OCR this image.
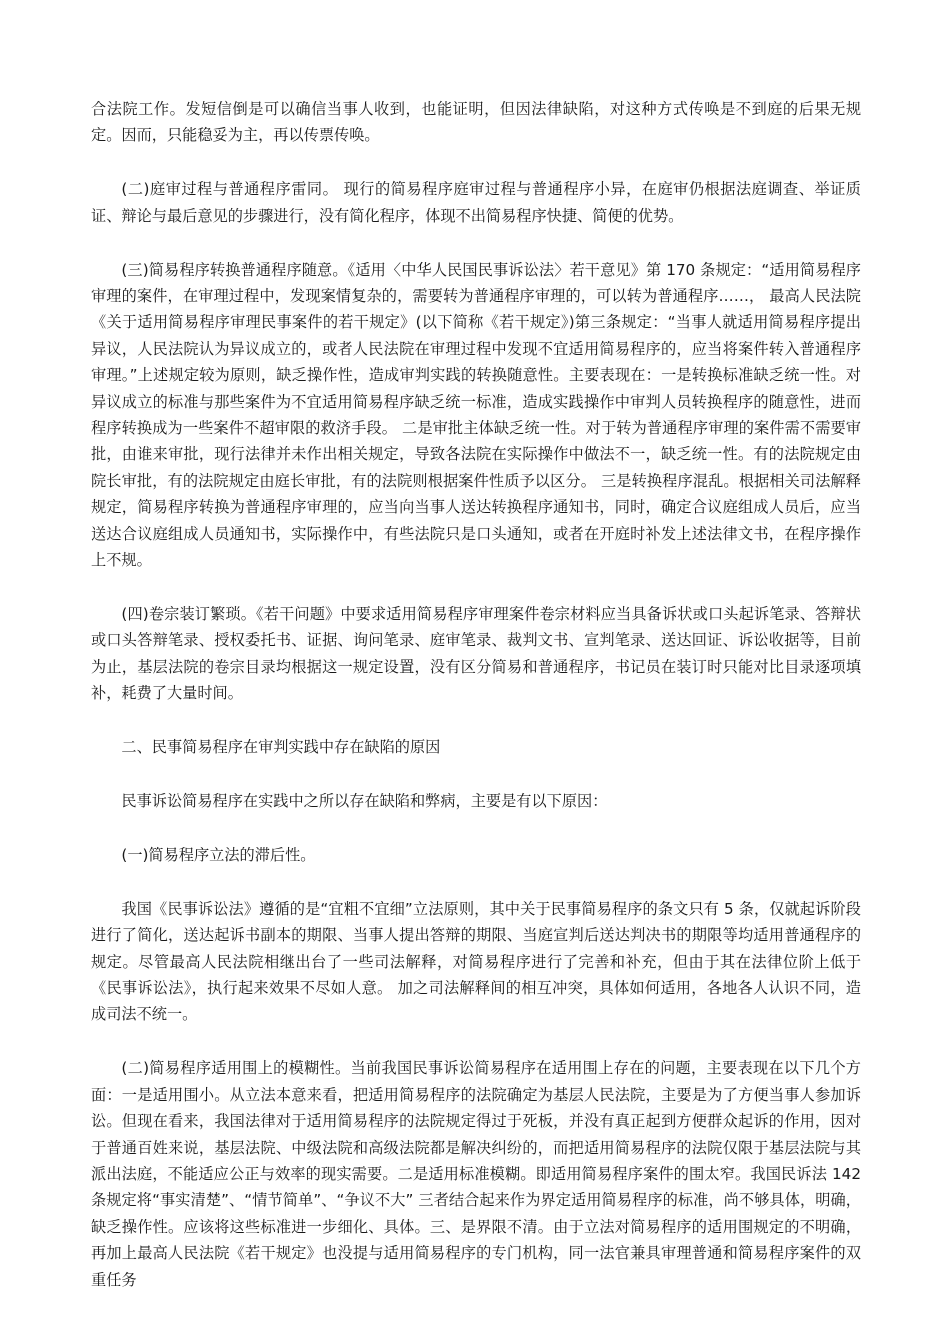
合法院工作。发短信倒是可以确信当事人收到，也能证明，但因法律缺陷，对这种方式传唤是不到庭的后果无规定。因而，只能稳妥为主，再以传票传唤。

(二)庭审过程与普通程序雷同。 现行的简易程序庭审过程与普通程序小异，在庭审仍根据法庭调查、举证质证、辩论与最后意见的步骤进行，没有简化程序，体现不出简易程序快捷、简便的优势。

(三)简易程序转换普通程序随意。《适用〈中华人民国民事诉讼法〉若干意见》第 170 条规定：“适用简易程序审理的案件，在审理过程中，发现案情复杂的，需要转为普通程序审理的，可以转为普通程序……， 最高人民法院《关于适用简易程序审理民事案件的若干规定》(以下简称《若干规定》)第三条规定：“当事人就适用简易程序提出异议，人民法院认为异议成立的，或者人民法院在审理过程中发现不宜适用简易程序的，应当将案件转入普通程序审理。”上述规定较为原则，缺乏操作性，造成审判实践的转换随意性。主要表现在：一是转换标准缺乏统一性。对异议成立的标准与那些案件为不宜适用简易程序缺乏统一标准，造成实践操作中审判人员转换程序的随意性，进而程序转换成为一些案件不超审限的救济手段。 二是审批主体缺乏统一性。对于转为普通程序审理的案件需不需要审批，由谁来审批，现行法律并未作出相关规定，导致各法院在实际操作中做法不一，缺乏统一性。有的法院规定由院长审批，有的法院规定由庭长审批，有的法院则根据案件性质予以区分。 三是转换程序混乱。根据相关司法解释规定，简易程序转换为普通程序审理的，应当向当事人送达转换程序通知书，同时，确定合议庭组成人员后，应当送达合议庭组成人员通知书，实际操作中，有些法院只是口头通知，或者在开庭时补发上述法律文书，在程序操作上不规。

(四)卷宗装订繁琐。《若干问题》中要求适用简易程序审理案件卷宗材料应当具备诉状或口头起诉笔录、答辩状或口头答辩笔录、授权委托书、证据、询问笔录、庭审笔录、裁判文书、宣判笔录、送达回证、诉讼收据等，目前为止，基层法院的卷宗目录均根据这一规定设置，没有区分简易和普通程序，书记员在装订时只能对比目录逐项填补，耗费了大量时间。

二、民事简易程序在审判实践中存在缺陷的原因

民事诉讼简易程序在实践中之所以存在缺陷和弊病，主要是有以下原因：

(一)简易程序立法的滞后性。

我国《民事诉讼法》遵循的是“宜粗不宜细”立法原则，其中关于民事简易程序的条文只有 5 条，仅就起诉阶段进行了简化，送达起诉书副本的期限、当事人提出答辩的期限、当庭宣判后送达判决书的期限等均适用普通程序的规定。尽管最高人民法院相继出台了一些司法解释，对简易程序进行了完善和补充，但由于其在法律位阶上低于《民事诉讼法》，执行起来效果不尽如人意。 加之司法解释间的相互冲突，具体如何适用，各地各人认识不同，造成司法不统一。

(二)简易程序适用围上的模糊性。当前我国民事诉讼简易程序在适用围上存在的问题，主要表现在以下几个方面：一是适用围小。从立法本意来看，把适用简易程序的法院确定为基层人民法院，主要是为了方便当事人参加诉讼。但现在看来，我国法律对于适用简易程序的法院规定得过于死板，并没有真正起到方便群众起诉的作用，因对于普通百姓来说，基层法院、中级法院和高级法院都是解决纠纷的，而把适用简易程序的法院仅限于基层法院与其派出法庭，不能适应公正与效率的现实需要。二是适用标准模糊。即适用简易程序案件的围太窄。我国民诉法 142 条规定将“事实清楚”、“情节简单”、“争议不大” 三者结合起来作为界定适用简易程序的标准，尚不够具体，明确，缺乏操作性。应该将这些标准进一步细化、具体。三、是界限不清。由于立法对简易程序的适用围规定的不明确，再加上最高人民法院《若干规定》也没提与适用简易程序的专门机构，同一法官兼具审理普通和简易程序案件的双重任务
